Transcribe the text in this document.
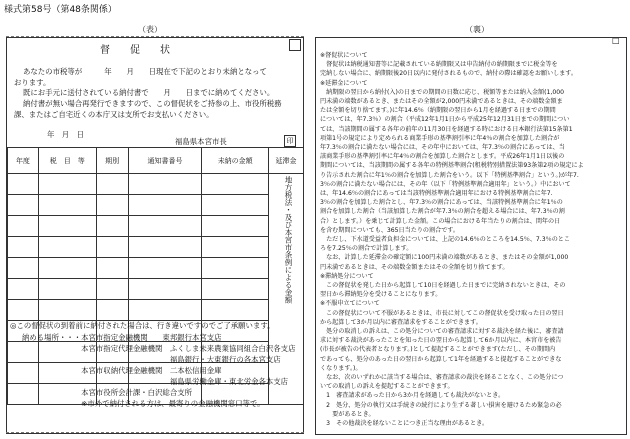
様式第58号（第48条関係）
（表）	（裏）
督　促　状
あなたの市税等が　　　年　　月　　日現在で下記のとおり未納となって
おります。
既にお手元に送付されている納付書で　　月　　日までに納めてください。
納付書が無い場合再発行できますので、この督促状をご持参の上、市役所税務
課、またはご自宅近くの本庁又は支所でお支払いください。
年　月　日
福島県本宮市長	印
年度	税　目　等	期別	通知書番号	未納の金額	延滞金

地方税法・及び本宮市条例による金額
◎この督促状の到着前に納付された場合は、行き違いですのでご了承願います。
納める場所・・・本宮市指定金融機関　　東邦銀行本宮支店
　　　　　　　　本宮市指定代理金融機関　ふくしま未来農業協同組合白沢各支店
　　　　　　　　　　　　　　　　　　　　福島銀行・大東銀行の各本宮支店
　　　　　　　　本宮市収納代理金融機関　二本松信用金庫
　　　　　　　　　　　　　　　　　　　　福島県労働金庫・東北労金各本支店
　　　　　　　　本宮市役所会計課・白沢総合支所
　　　　　　　　※市外で納付される方は、最寄りの金融機関窓口等で。
□
※督促状について
　督促状は納税通知書等に記載されている納期限又は申告納付の納期限までに税金等を
完納しない場合に、納期限後20日以内に発付されるもので、納付の際は確認をお願いします。
※延滞金について
　納期限の翌日から納付(入)の日までの期間の日数に応じ、税額等または納入金額(1,000
円未満の端数があるとき、またはその全額が2,000円未満であるときは、その端数金額ま
たは全額を切り捨てます。)に年14.6％（納期限の翌日から1月を経過する日までの期間
については、年7.3％）の割合（平成12年1月1日から平成25年12月31日までの期間につい
ては、当該期間の属する各年の前年の11月30日を経過する時における日本銀行法第15条第1
項第1号の規定により定められる商業手形の基準割引率に年4％の割合を加算した割合が
年7.3％の割合に満たない場合には、その年中においては、年7.3％の割合にあっては、当
該商業手形の基準割引率に年4％の割合を加算した割合とします。平成26年1月1日以後の
期間については、当該期間の属する各年の特例基準割合(租税特別措置法第93条第2項の規定によ
り告示された割合に年1％の割合を加算した割合をいう。以下「特例基準割合」という。)が年7.
3％の割合に満たない場合には、その年（以下「特例基準割合適用年」という。）中において
は、年14.6％の割合にあっては当該特例基準割合適用年における特例基準割合に年7.
3％の割合を加算した割合とし、年7.3％の割合にあっては、当該特例基準割合に年1％の
割合を加算した割合（当該加算した割合が年7.3％の割合を超える場合には、年7.3％の割
合）とします。）を乗じて計算した金額。この場合における年当たりの割合は、閏年の日
を含む期間についても、365日当たりの割合です。
　ただし、下水道受益者負担金については、上記の14.6％のところを14.5％、7.3％のとこ
ろを7.25％の割合で計算します。
　なお、計算した延滞金の確定額に100円未満の端数があるとき、またはその金額が1,000
円未満であるときは、その端数金額またはその全額を切り捨てます。
※滞納処分について
　この督促状を発した日から起算して10日を経過した日までに完納されないときは、その
翌日から滞納処分を受けることになります。
※不服申立てについて
　この督促状について不服があるときは、市長に対してこの督促状を受け取った日の翌日
から起算して3か月以内に審査請求をすることができます。
　処分の取消しの訴えは、この処分についての審査請求に対する裁決を経た後に、審査請
求に対する裁決があったことを知った日の翌日から起算して6か月以内に、本宮市を被告
(市長が被告の代表者となります。)として提起することができます(ただし、その期間内
であっても、処分のあった日の翌日から起算して1年を経過すると提起することができな
くなります。)。
　なお、次のいずれかに該当する場合は、審査請求の裁決を経ることなく、この処分につ
いての取消しの訴えを提起することができます。
　1　審査請求があった日から3か月を経過しても裁決がないとき。
　2　処分、処分の執行又は手続きの続行により生ずる著しい損害を避けるため緊急の必
　　要があるとき。
　3　その他裁決を経ないことにつき正当な理由があるとき。
